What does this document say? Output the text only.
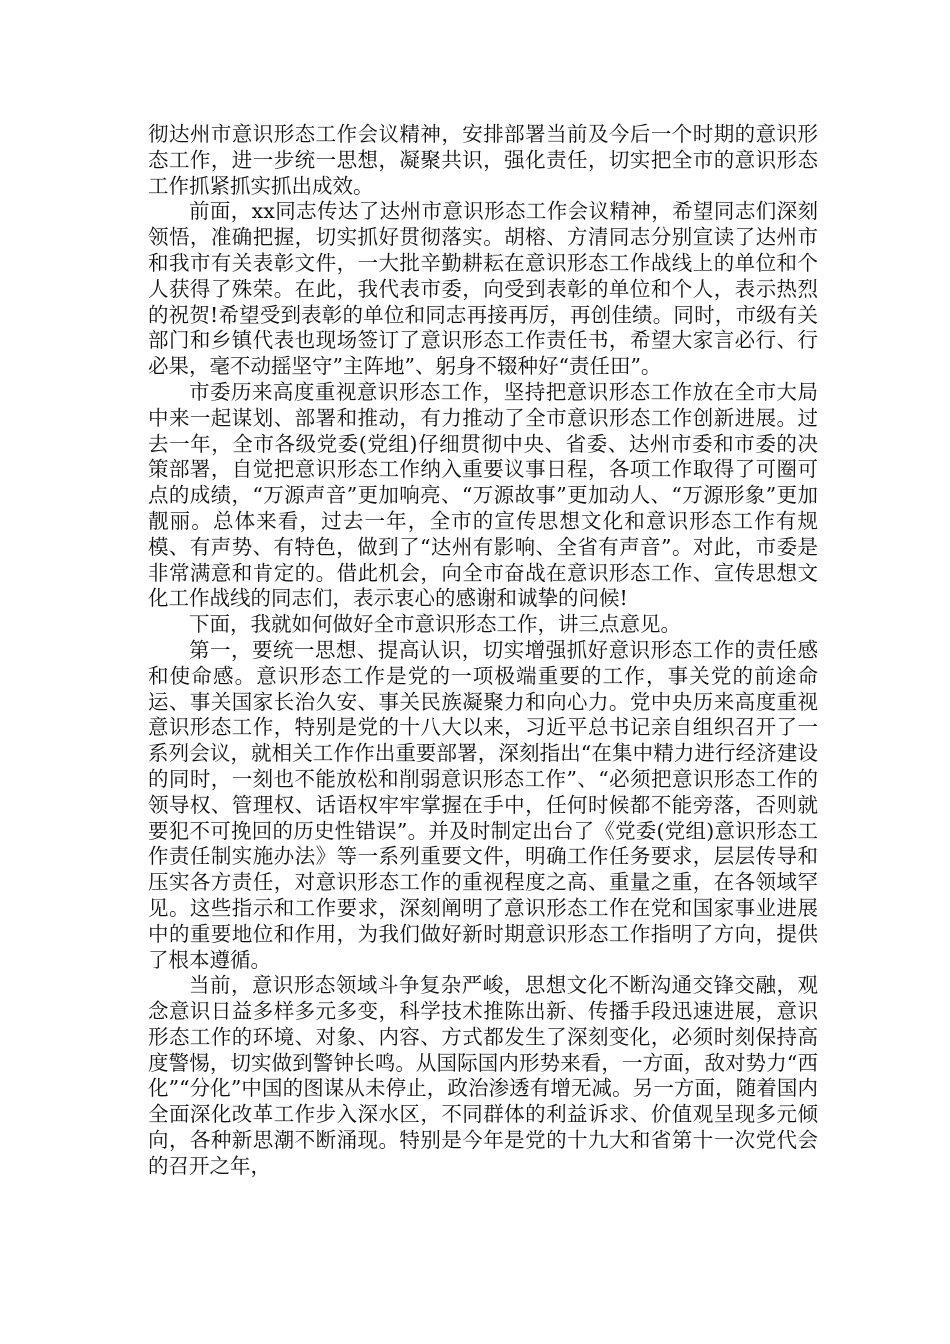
彻达州市意识形态工作会议精神，安排部署当前及今后一个时期的意识形态工作，进一步统一思想，凝聚共识，强化责任，切实把全市的意识形态工作抓紧抓实抓出成效。

前面，xx同志传达了达州市意识形态工作会议精神，希望同志们深刻领悟，准确把握，切实抓好贯彻落实。胡榕、方清同志分别宣读了达州市和我市有关表彰文件，一大批辛勤耕耘在意识形态工作战线上的单位和个人获得了殊荣。在此，我代表市委，向受到表彰的单位和个人，表示热烈的祝贺!希望受到表彰的单位和同志再接再厉，再创佳绩。同时，市级有关部门和乡镇代表也现场签订了意识形态工作责任书，希望大家言必行、行必果，毫不动摇坚守”主阵地”、躬身不辍种好“责任田”。

市委历来高度重视意识形态工作，坚持把意识形态工作放在全市大局中来一起谋划、部署和推动，有力推动了全市意识形态工作创新进展。过去一年，全市各级党委(党组)仔细贯彻中央、省委、达州市委和市委的决策部署，自觉把意识形态工作纳入重要议事日程，各项工作取得了可圈可点的成绩，“万源声音”更加响亮、“万源故事”更加动人、“万源形象”更加靓丽。总体来看，过去一年，全市的宣传思想文化和意识形态工作有规模、有声势、有特色，做到了“达州有影响、全省有声音”。对此，市委是非常满意和肯定的。借此机会，向全市奋战在意识形态工作、宣传思想文化工作战线的同志们，表示衷心的感谢和诚挚的问候!

下面，我就如何做好全市意识形态工作，讲三点意见。

第一，要统一思想、提高认识，切实增强抓好意识形态工作的责任感和使命感。意识形态工作是党的一项极端重要的工作，事关党的前途命运、事关国家长治久安、事关民族凝聚力和向心力。党中央历来高度重视意识形态工作，特别是党的十八大以来，习近平总书记亲自组织召开了一系列会议，就相关工作作出重要部署，深刻指出“在集中精力进行经济建设的同时，一刻也不能放松和削弱意识形态工作”、“必须把意识形态工作的领导权、管理权、话语权牢牢掌握在手中，任何时候都不能旁落，否则就要犯不可挽回的历史性错误”。并及时制定出台了《党委(党组)意识形态工作责任制实施办法》等一系列重要文件，明确工作任务要求，层层传导和压实各方责任，对意识形态工作的重视程度之高、重量之重，在各领域罕见。这些指示和工作要求，深刻阐明了意识形态工作在党和国家事业进展中的重要地位和作用，为我们做好新时期意识形态工作指明了方向，提供了根本遵循。

当前，意识形态领域斗争复杂严峻，思想文化不断沟通交锋交融，观念意识日益多样多元多变，科学技术推陈出新、传播手段迅速进展，意识形态工作的环境、对象、内容、方式都发生了深刻变化，必须时刻保持高度警惕，切实做到警钟长鸣。从国际国内形势来看，一方面，敌对势力“西化”“分化”中国的图谋从未停止，政治渗透有增无减。另一方面，随着国内全面深化改革工作步入深水区，不同群体的利益诉求、价值观呈现多元倾向，各种新思潮不断涌现。特别是今年是党的十九大和省第十一次党代会的召开之年，
